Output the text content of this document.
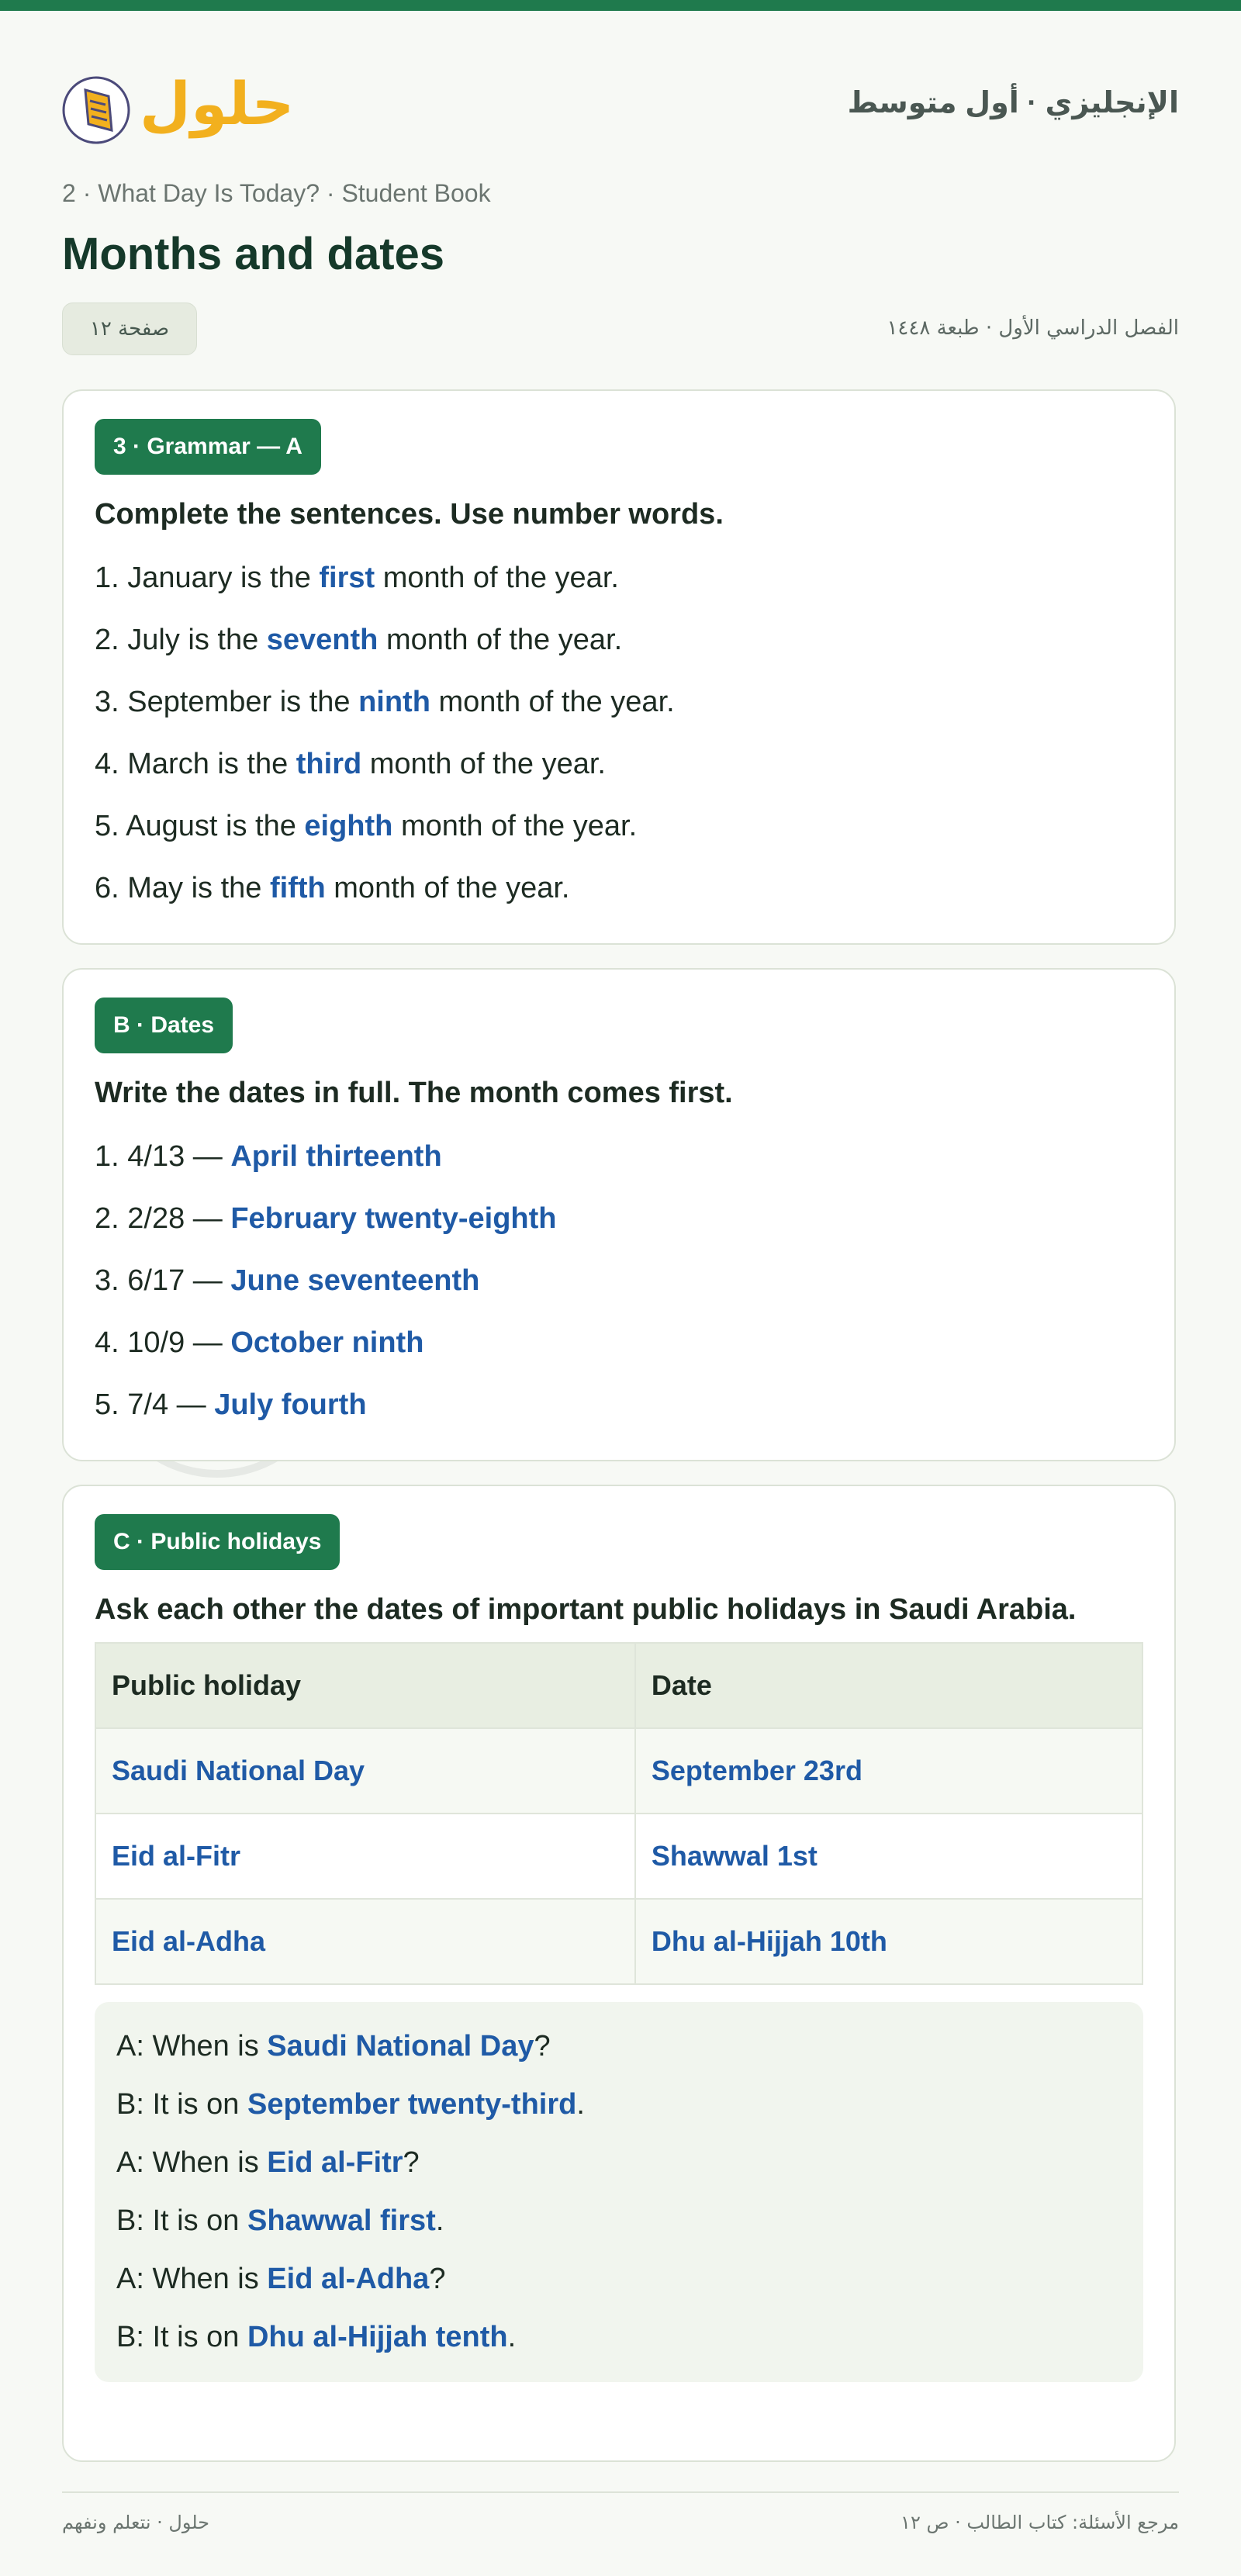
حلول	الإنجليزي · أول متوسط
2 · What Day Is Today? · Student Book
Months and dates
صفحة ١٢	الفصل الدراسي الأول · طبعة ١٤٤٨
3 · Grammar — A
Complete the sentences. Use number words.
1. January is the first month of the year.
2. July is the seventh month of the year.
3. September is the ninth month of the year.
4. March is the third month of the year.
5. August is the eighth month of the year.
6. May is the fifth month of the year.
B · Dates
Write the dates in full. The month comes first.
1. 4/13 — April thirteenth
2. 2/28 — February twenty-eighth
3. 6/17 — June seventeenth
4. 10/9 — October ninth
5. 7/4 — July fourth
C · Public holidays
Ask each other the dates of important public holidays in Saudi Arabia.
Public holiday	Date
Saudi National Day	September 23rd
Eid al-Fitr	Shawwal 1st
Eid al-Adha	Dhu al-Hijjah 10th
A: When is Saudi National Day?
B: It is on September twenty-third.
A: When is Eid al-Fitr?
B: It is on Shawwal first.
A: When is Eid al-Adha?
B: It is on Dhu al-Hijjah tenth.
حلول · نتعلم ونفهم	مرجع الأسئلة: كتاب الطالب · ص ١٢
